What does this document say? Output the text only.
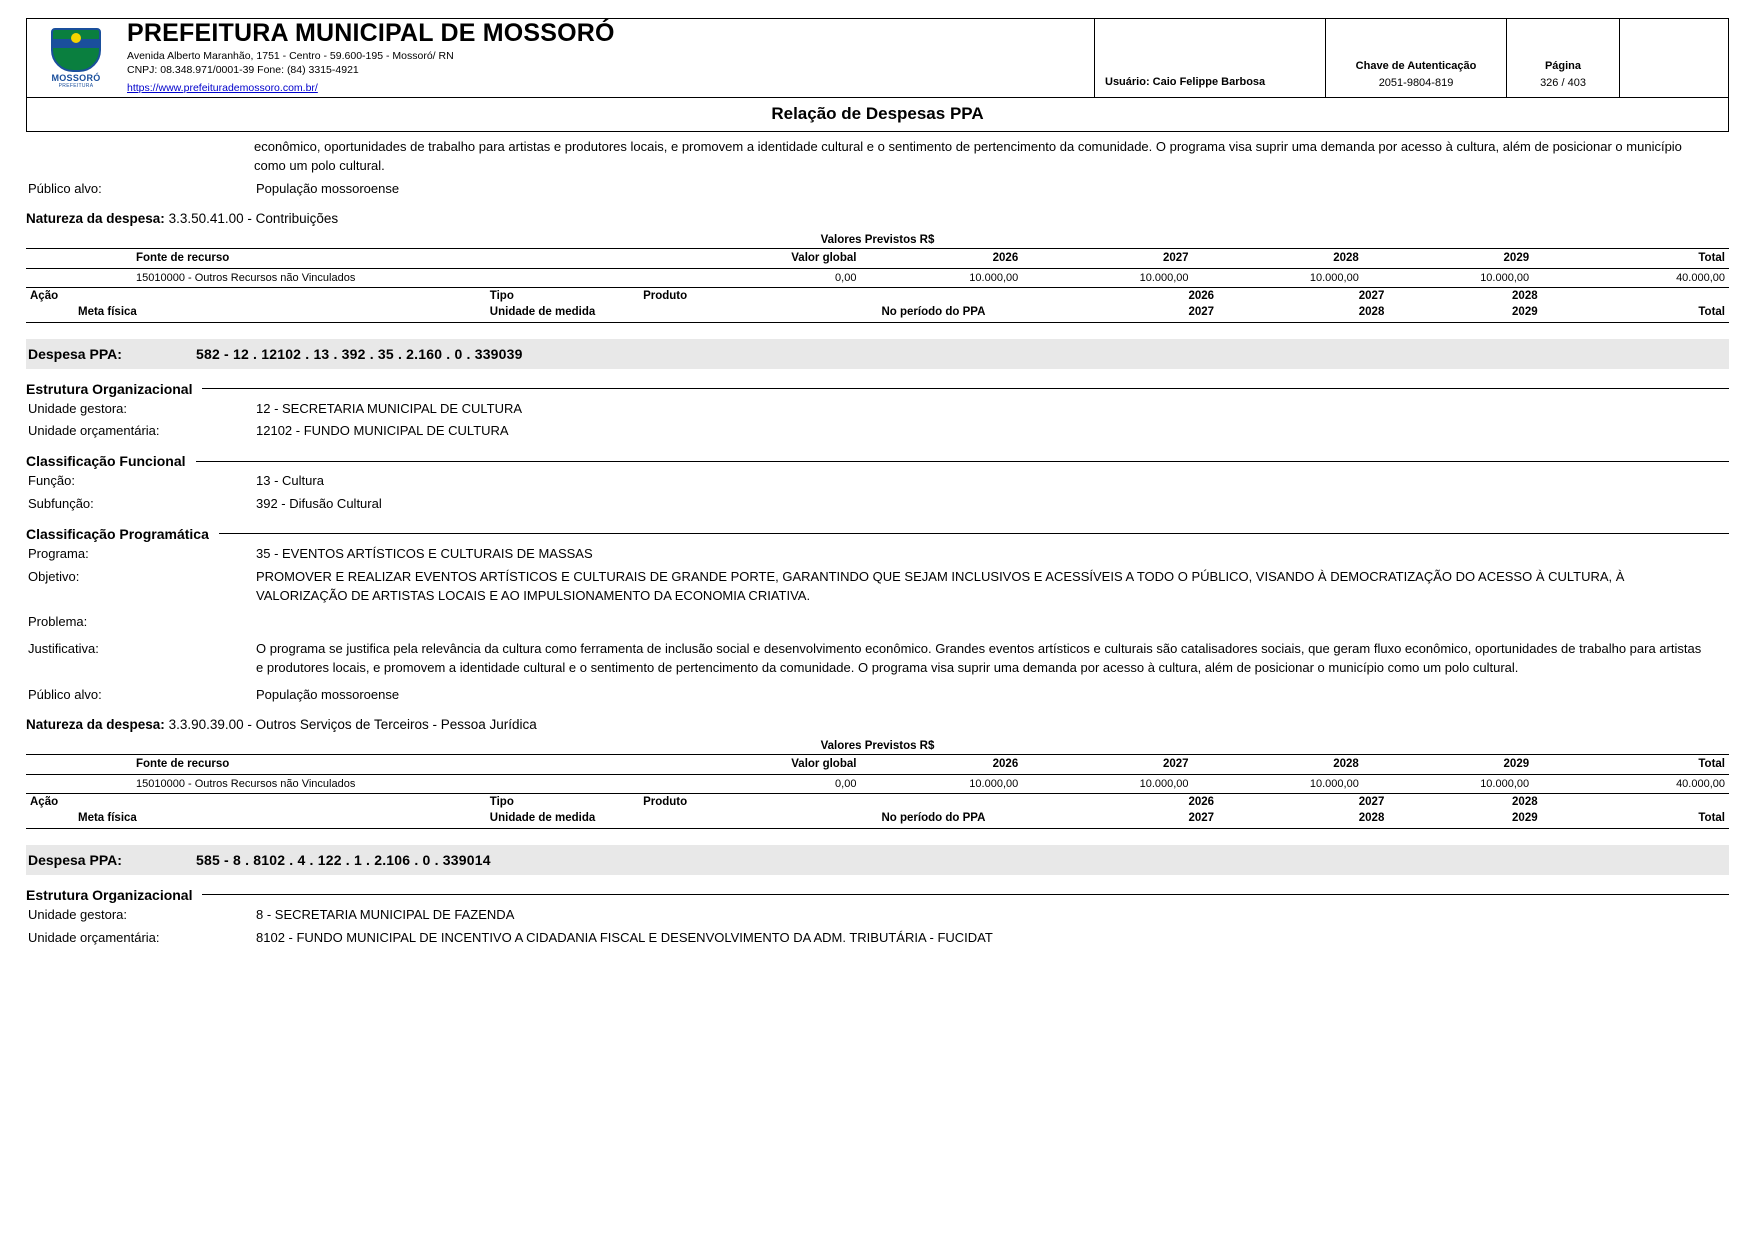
MOSSORÓ
PREFEITURA
PREFEITURA MUNICIPAL DE MOSSORÓ
Avenida Alberto Maranhão, 1751 - Centro - 59.600-195 - Mossoró/ RN
CNPJ: 08.348.971/0001-39 Fone: (84) 3315-4921
https://www.prefeiturademossoro.com.br/
Usuário: Caio Felippe Barbosa
Chave de Autenticação
2051-9804-819
Página
326 / 403
Relação de Despesas PPA
econômico, oportunidades de trabalho para artistas e produtores locais, e promovem a identidade cultural e o sentimento de pertencimento da comunidade. O programa visa suprir uma demanda por acesso à cultura, além de posicionar o município como um polo cultural.
Público alvo:	População mossoroense
Natureza da despesa: 3.3.50.41.00 - Contribuições
Valores Previstos R$
Fonte de recurso	Valor global	2026	2027	2028	2029	Total
15010000 - Outros Recursos não Vinculados	0,00	10.000,00	10.000,00	10.000,00	10.000,00	40.000,00
Ação	Tipo	Produto		2026	2027	2028	
Meta física	Unidade de medida		No período do PPA	2027	2028	2029	Total
Despesa PPA:	582 - 12 . 12102 . 13 . 392 . 35 . 2.160 . 0 . 339039
Estrutura Organizacional
Unidade gestora:	12 - SECRETARIA MUNICIPAL DE CULTURA
Unidade orçamentária:	12102 - FUNDO MUNICIPAL DE CULTURA
Classificação Funcional
Função:	13 - Cultura
Subfunção:	392 - Difusão Cultural
Classificação Programática
Programa:	35 - EVENTOS ARTÍSTICOS E CULTURAIS DE MASSAS
Objetivo:	PROMOVER E REALIZAR EVENTOS ARTÍSTICOS E CULTURAIS DE GRANDE PORTE, GARANTINDO QUE SEJAM INCLUSIVOS E ACESSÍVEIS A TODO O PÚBLICO, VISANDO À DEMOCRATIZAÇÃO DO ACESSO À CULTURA, À VALORIZAÇÃO DE ARTISTAS LOCAIS E AO IMPULSIONAMENTO DA ECONOMIA CRIATIVA.
Problema:
Justificativa:	O programa se justifica pela relevância da cultura como ferramenta de inclusão social e desenvolvimento econômico. Grandes eventos artísticos e culturais são catalisadores sociais, que geram fluxo econômico, oportunidades de trabalho para artistas e produtores locais, e promovem a identidade cultural e o sentimento de pertencimento da comunidade. O programa visa suprir uma demanda por acesso à cultura, além de posicionar o município como um polo cultural.
Público alvo:	População mossoroense
Natureza da despesa: 3.3.90.39.00 - Outros Serviços de Terceiros - Pessoa Jurídica
Valores Previstos R$
Fonte de recurso	Valor global	2026	2027	2028	2029	Total
15010000 - Outros Recursos não Vinculados	0,00	10.000,00	10.000,00	10.000,00	10.000,00	40.000,00
Ação	Tipo	Produto		2026	2027	2028	
Meta física	Unidade de medida		No período do PPA	2027	2028	2029	Total
Despesa PPA:	585 - 8 . 8102 . 4 . 122 . 1 . 2.106 . 0 . 339014
Estrutura Organizacional
Unidade gestora:	8 - SECRETARIA MUNICIPAL DE FAZENDA
Unidade orçamentária:	8102 - FUNDO MUNICIPAL DE INCENTIVO A CIDADANIA FISCAL E DESENVOLVIMENTO DA ADM. TRIBUTÁRIA - FUCIDAT
